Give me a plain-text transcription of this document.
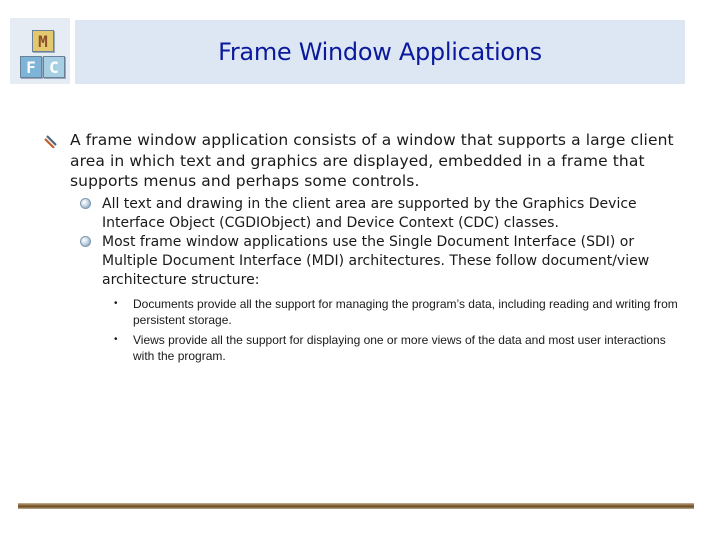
M
F C
Frame Window Applications
A frame window application consists of a window that supports a large client area in which text and graphics are displayed, embedded in a frame that supports menus and perhaps some controls.
All text and drawing in the client area are supported by the Graphics Device Interface Object (CGDIObject) and Device Context (CDC) classes.
Most frame window applications use the Single Document Interface (SDI) or Multiple Document Interface (MDI) architectures. These follow document/view architecture structure:
• Documents provide all the support for managing the program’s data, including reading and writing from persistent storage.
• Views provide all the support for displaying one or more views of the data and most user interactions with the program.
